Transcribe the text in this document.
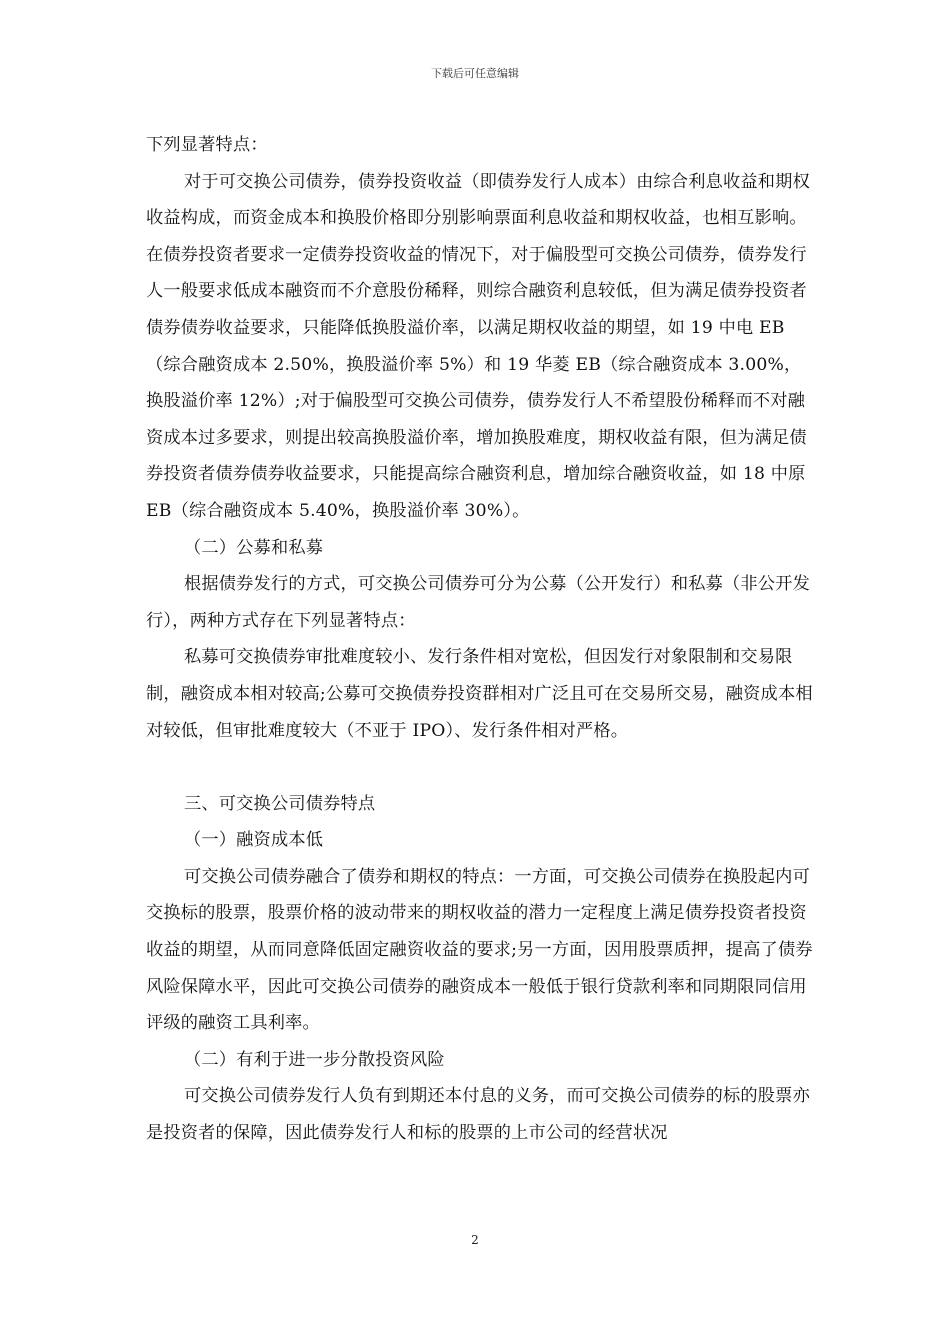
下载后可任意编辑

下列显著特点：

对于可交换公司债券，债券投资收益（即债券发行人成本）由综合利息收益和期权收益构成，而资金成本和换股价格即分别影响票面利息收益和期权收益，也相互影响。在债券投资者要求一定债券投资收益的情况下，对于偏股型可交换公司债券，债券发行人一般要求低成本融资而不介意股份稀释，则综合融资利息较低，但为满足债券投资者债券债券收益要求，只能降低换股溢价率，以满足期权收益的期望，如 19 中电 EB（综合融资成本 2.50%，换股溢价率 5%）和 19 华菱 EB（综合融资成本 3.00%，换股溢价率 12%）;对于偏股型可交换公司债券，债券发行人不希望股份稀释而不对融资成本过多要求，则提出较高换股溢价率，增加换股难度，期权收益有限，但为满足债券投资者债券债券收益要求，只能提高综合融资利息，增加综合融资收益，如 18 中原 EB（综合融资成本 5.40%，换股溢价率 30%）。

（二）公募和私募

根据债券发行的方式，可交换公司债券可分为公募（公开发行）和私募（非公开发行），两种方式存在下列显著特点：

私募可交换债券审批难度较小、发行条件相对宽松，但因发行对象限制和交易限制，融资成本相对较高;公募可交换债券投资群相对广泛且可在交易所交易，融资成本相对较低，但审批难度较大（不亚于 IPO）、发行条件相对严格。

三、可交换公司债券特点

（一）融资成本低

可交换公司债券融合了债券和期权的特点：一方面，可交换公司债券在换股起内可交换标的股票，股票价格的波动带来的期权收益的潜力一定程度上满足债券投资者投资收益的期望，从而同意降低固定融资收益的要求;另一方面，因用股票质押，提高了债券风险保障水平，因此可交换公司债券的融资成本一般低于银行贷款利率和同期限同信用评级的融资工具利率。

（二）有利于进一步分散投资风险

可交换公司债券发行人负有到期还本付息的义务，而可交换公司债券的标的股票亦是投资者的保障，因此债券发行人和标的股票的上市公司的经营状况

2
